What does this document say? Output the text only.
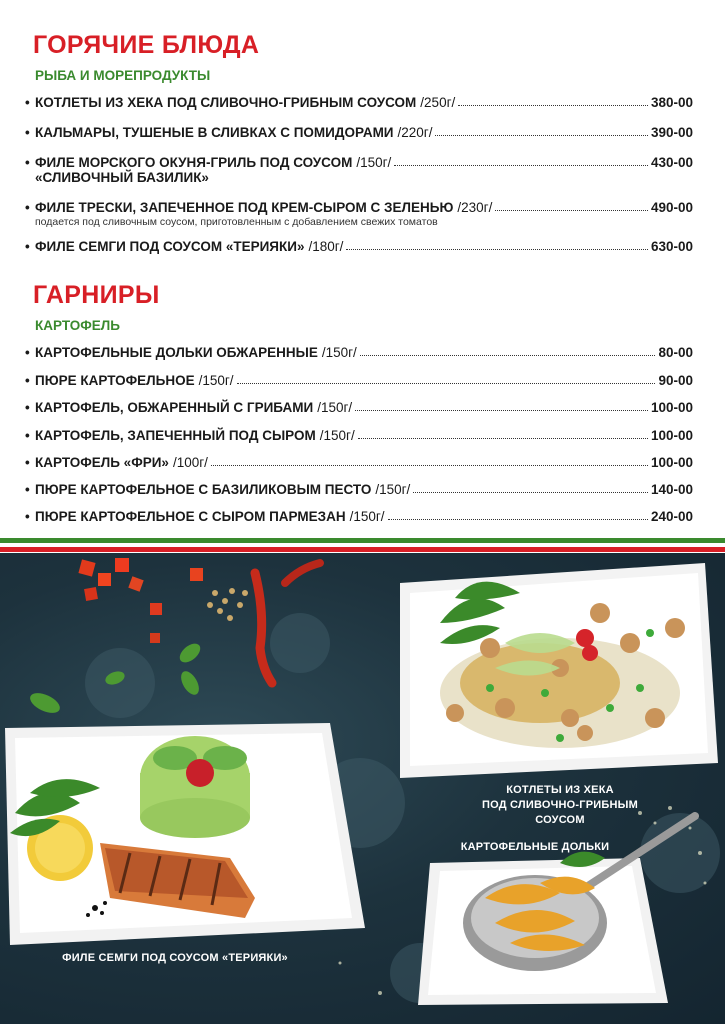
ГОРЯЧИЕ БЛЮДА
РЫБА И МОРЕПРОДУКТЫ
• КОТЛЕТЫ ИЗ ХЕКА ПОД СЛИВОЧНО-ГРИБНЫМ СОУСОМ /250г/	380-00
• КАЛЬМАРЫ, ТУШЕНЫЕ В СЛИВКАХ С ПОМИДОРАМИ /220г/	390-00
• ФИЛЕ МОРСКОГО ОКУНЯ-ГРИЛЬ ПОД СОУСОМ /150г/	430-00
«СЛИВОЧНЫЙ БАЗИЛИК»
• ФИЛЕ ТРЕСКИ, ЗАПЕЧЕННОЕ ПОД КРЕМ-СЫРОМ С ЗЕЛЕНЬЮ /230г/	490-00
подается под сливочным соусом, приготовленным с добавлением свежих томатов
• ФИЛЕ СЕМГИ ПОД СОУСОМ «ТЕРИЯКИ» /180г/	630-00
ГАРНИРЫ
КАРТОФЕЛЬ
• КАРТОФЕЛЬНЫЕ ДОЛЬКИ ОБЖАРЕННЫЕ /150г/	80-00
• ПЮРЕ КАРТОФЕЛЬНОЕ /150г/	90-00
• КАРТОФЕЛЬ, ОБЖАРЕННЫЙ С ГРИБАМИ /150г/	100-00
• КАРТОФЕЛЬ, ЗАПЕЧЕННЫЙ ПОД СЫРОМ /150г/	100-00
• КАРТОФЕЛЬ «ФРИ» /100г/	100-00
• ПЮРЕ КАРТОФЕЛЬНОЕ С БАЗИЛИКОВЫМ ПЕСТО /150г/	140-00
• ПЮРЕ КАРТОФЕЛЬНОЕ С СЫРОМ ПАРМЕЗАН /150г/	240-00
КОТЛЕТЫ ИЗ ХЕКА
ПОД СЛИВОЧНО-ГРИБНЫМ СОУСОМ
КАРТОФЕЛЬНЫЕ ДОЛЬКИ
ФИЛЕ СЕМГИ ПОД СОУСОМ «ТЕРИЯКИ»
